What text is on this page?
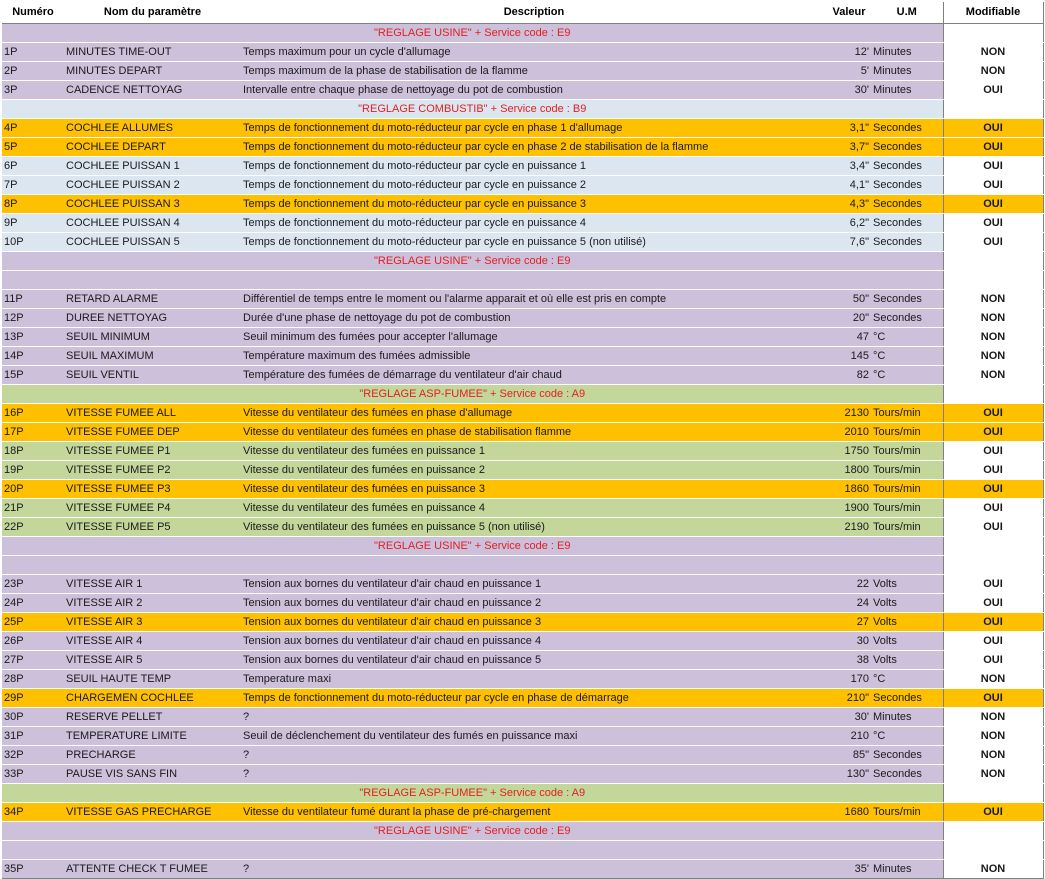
Numéro	Nom du paramètre	Description	Valeur	U.M	Modifiable
"REGLAGE USINE" + Service code : E9					
1P	MINUTES TIME-OUT	Temps maximum pour un cycle d'allumage	12'	Minutes	NON
2P	MINUTES DEPART	Temps maximum de la phase de stabilisation de la flamme	5'	Minutes	NON
3P	CADENCE NETTOYAG	Intervalle entre chaque phase de nettoyage du pot de combustion	30'	Minutes	OUI
"REGLAGE COMBUSTIB" + Service code : B9					
4P	COCHLEE ALLUMES	Temps de fonctionnement du moto-réducteur par cycle en phase 1 d'allumage	3,1"	Secondes	OUI
5P	COCHLEE DEPART	Temps de fonctionnement du moto-réducteur par cycle en phase 2 de stabilisation de la flamme	3,7"	Secondes	OUI
6P	COCHLEE PUISSAN 1	Temps de fonctionnement du moto-réducteur par cycle en puissance 1	3,4"	Secondes	OUI
7P	COCHLEE PUISSAN 2	Temps de fonctionnement du moto-réducteur par cycle en puissance 2	4,1"	Secondes	OUI
8P	COCHLEE PUISSAN 3	Temps de fonctionnement du moto-réducteur par cycle en puissance 3	4,3"	Secondes	OUI
9P	COCHLEE PUISSAN 4	Temps de fonctionnement du moto-réducteur par cycle en puissance 4	6,2"	Secondes	OUI
10P	COCHLEE PUISSAN 5	Temps de fonctionnement du moto-réducteur par cycle en puissance 5 (non utilisé)	7,6"	Secondes	OUI
"REGLAGE USINE" + Service code : E9					

11P	RETARD ALARME	Différentiel de temps entre le moment ou l'alarme apparait et où elle est pris en compte	50"	Secondes	NON
12P	DUREE NETTOYAG	Durée d'une phase de nettoyage du pot de combustion	20"	Secondes	NON
13P	SEUIL MINIMUM	Seuil minimum des fumées pour accepter l'allumage	47	°C	NON
14P	SEUIL MAXIMUM	Température maximum des fumées admissible	145	°C	NON
15P	SEUIL VENTIL	Température des fumées de démarrage du ventilateur d'air chaud	82	°C	NON
"REGLAGE ASP-FUMEE" + Service code : A9					
16P	VITESSE FUMEE ALL	Vitesse du ventilateur des fumées en phase d'allumage	2130	Tours/min	OUI
17P	VITESSE FUMEE DEP	Vitesse du ventilateur des fumées en phase de stabilisation flamme	2010	Tours/min	OUI
18P	VITESSE FUMEE P1	Vitesse du ventilateur des fumées en puissance 1	1750	Tours/min	OUI
19P	VITESSE FUMEE P2	Vitesse du ventilateur des fumées en puissance 2	1800	Tours/min	OUI
20P	VITESSE FUMEE P3	Vitesse du ventilateur des fumées en puissance 3	1860	Tours/min	OUI
21P	VITESSE FUMEE P4	Vitesse du ventilateur des fumées en puissance 4	1900	Tours/min	OUI
22P	VITESSE FUMEE P5	Vitesse du ventilateur des fumées en puissance 5 (non utilisé)	2190	Tours/min	OUI
"REGLAGE USINE" + Service code : E9					

23P	VITESSE AIR 1	Tension aux bornes du ventilateur d'air chaud en puissance 1	22	Volts	OUI
24P	VITESSE AIR 2	Tension aux bornes du ventilateur d'air chaud en puissance 2	24	Volts	OUI
25P	VITESSE AIR 3	Tension aux bornes du ventilateur d'air chaud en puissance 3	27	Volts	OUI
26P	VITESSE AIR 4	Tension aux bornes du ventilateur d'air chaud en puissance 4	30	Volts	OUI
27P	VITESSE AIR 5	Tension aux bornes du ventilateur d'air chaud en puissance 5	38	Volts	OUI
28P	SEUIL HAUTE TEMP	Temperature maxi	170	°C	NON
29P	CHARGEMEN COCHLEE	Temps de fonctionnement du moto-réducteur par cycle en phase de démarrage	210"	Secondes	OUI
30P	RESERVE PELLET	?	30'	Minutes	NON
31P	TEMPERATURE LIMITE	Seuil de déclenchement du ventilateur des fumés en puissance maxi	210	°C	NON
32P	PRECHARGE	?	85"	Secondes	NON
33P	PAUSE VIS SANS FIN	?	130"	Secondes	NON
"REGLAGE ASP-FUMEE" + Service code : A9					
34P	VITESSE GAS PRECHARGE	Vitesse du ventilateur fumé durant la phase de pré-chargement	1680	Tours/min	OUI
"REGLAGE USINE" + Service code : E9					

35P	ATTENTE CHECK T FUMEE	?	35'	Minutes	NON
